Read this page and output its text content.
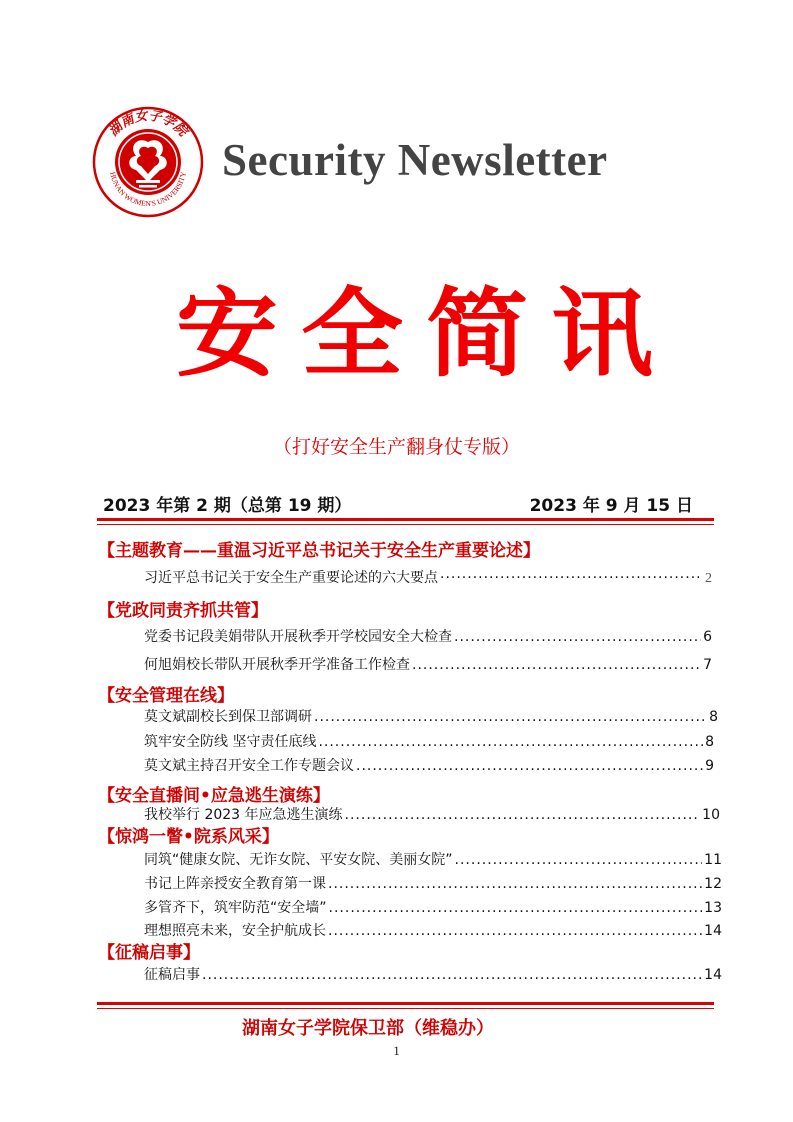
湖南女子学院
HUNAN WOMEN'S UNIVERSITY Security Newsletter
安全简讯
（打好安全生产翻身仗专版）
2023 年第 2 期（总第 19 期）	2023 年 9 月 15 日
【主题教育——重温习近平总书记关于安全生产重要论述】
习近平总书记关于安全生产重要论述的六大要点 ·····	2
【党政同责齐抓共管】
党委书记段美娟带队开展秋季开学校园安全大检查 .....	6
何旭娟校长带队开展秋季开学准备工作检查 .....	7
【安全管理在线】
莫文斌副校长到保卫部调研 .....	8
筑牢安全防线 坚守责任底线 .....	8
莫文斌主持召开安全工作专题会议 .....	9
【安全直播间•应急逃生演练】
我校举行 2023 年应急逃生演练 .....	10
【惊鸿一瞥•院系风采】
同筑“健康女院、无诈女院、平安女院、美丽女院” .....	11
书记上阵亲授安全教育第一课 .....	12
多管齐下，筑牢防范“安全墙” .....	13
理想照亮未来，安全护航成长 .....	14
【征稿启事】
征稿启事 .....	14
湖南女子学院保卫部（维稳办）
1
